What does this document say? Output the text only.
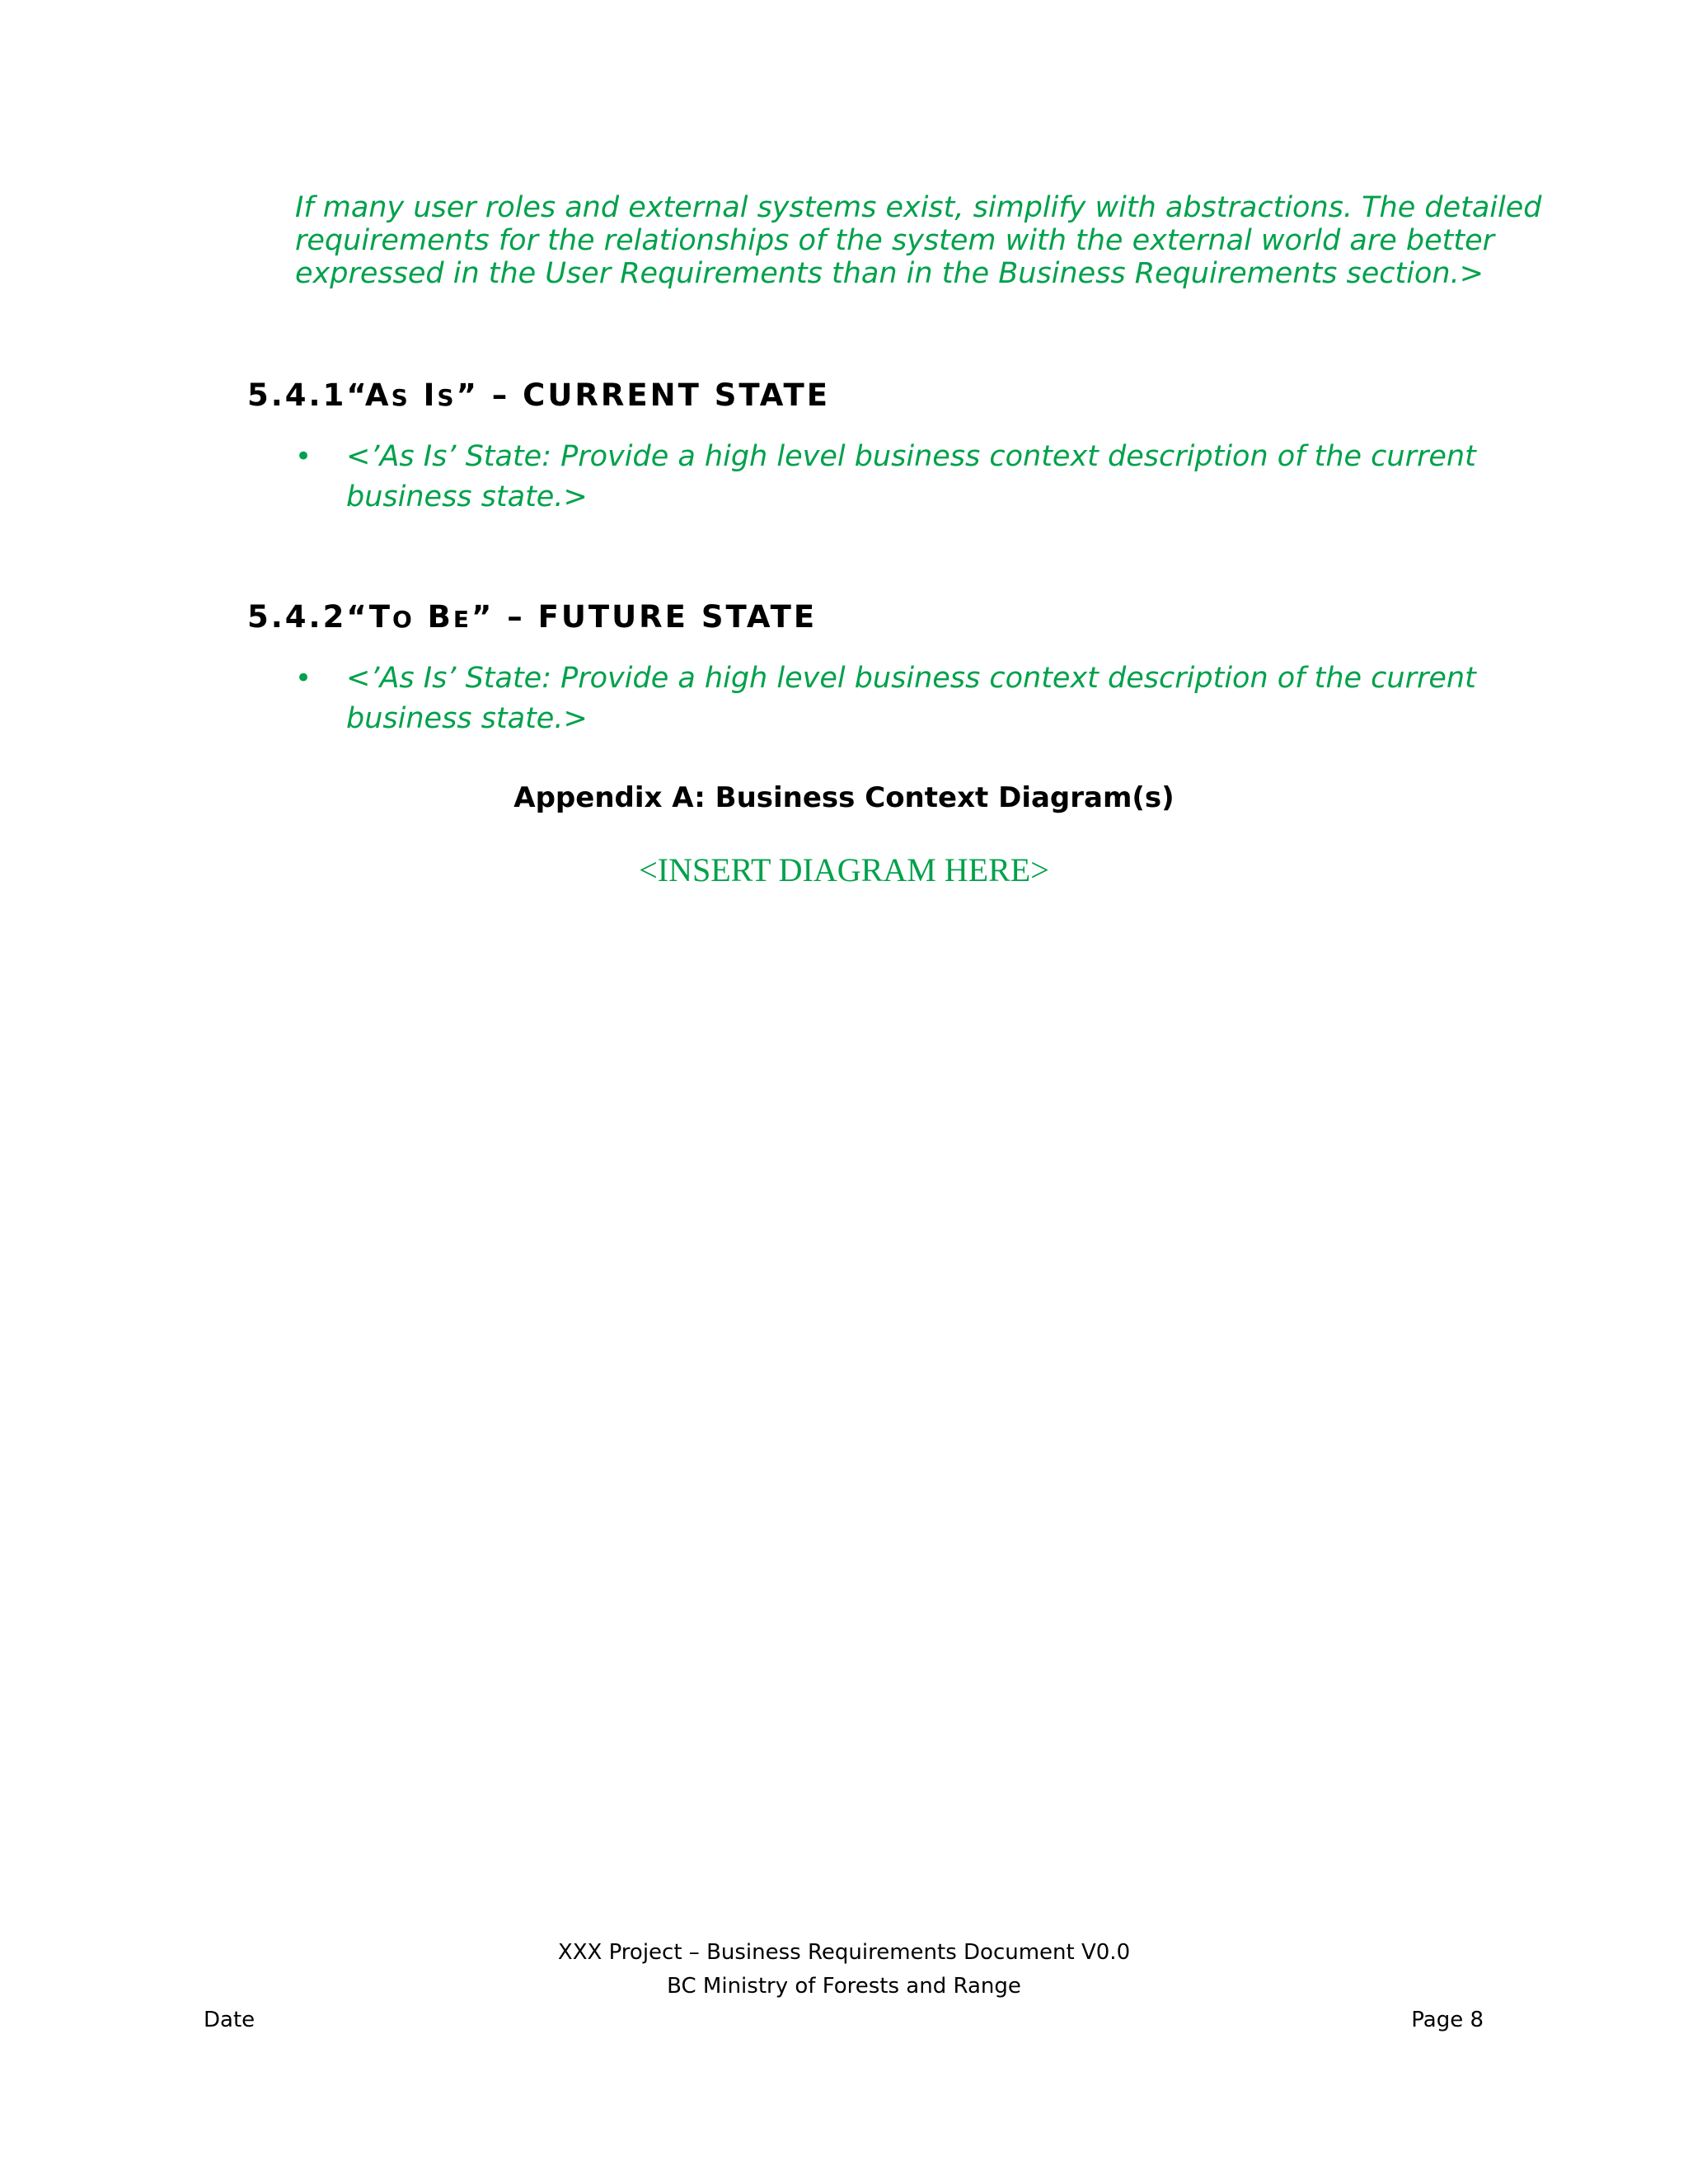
If many user roles and external systems exist, simplify with abstractions. The detailed
requirements for the relationships of the system with the external world are better
expressed in the User Requirements than in the Business Requirements section.>
5.4.1“AS IS” – CURRENT STATE
• <’As Is’ State: Provide a high level business context description of the current
business state.>
5.4.2“TO BE” – FUTURE STATE
• <’As Is’ State: Provide a high level business context description of the current
business state.>
Appendix A: Business Context Diagram(s)
<INSERT DIAGRAM HERE>
XXX Project – Business Requirements Document V0.0
BC Ministry of Forests and Range
Date	Page 8
